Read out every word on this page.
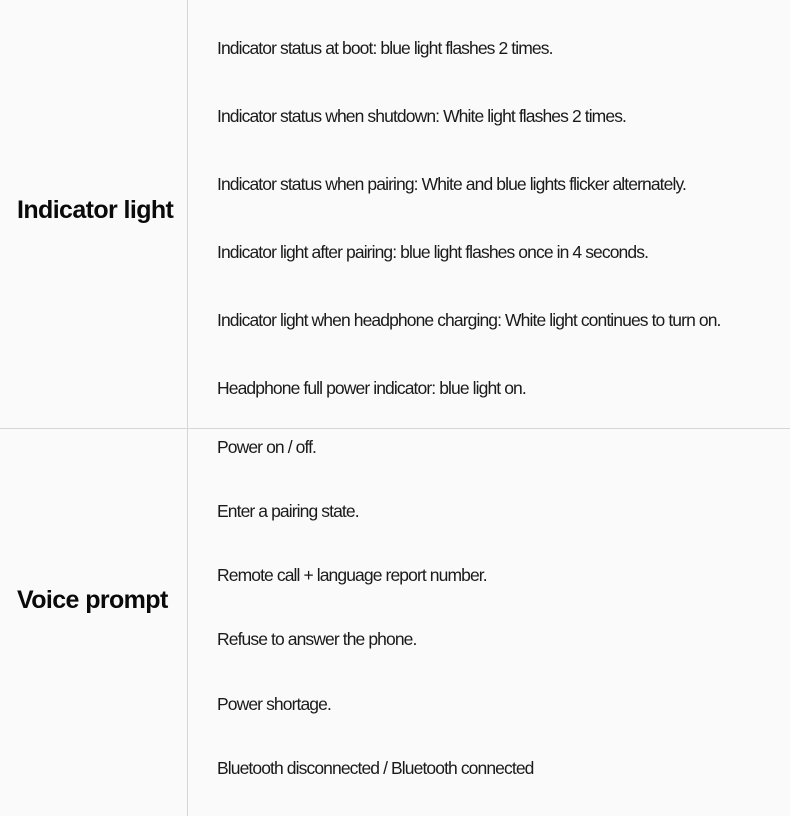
Indicator light
Indicator status at boot: blue light flashes 2 times.
Indicator status when shutdown: White light flashes 2 times.
Indicator status when pairing: White and blue lights flicker alternately.
Indicator light after pairing: blue light flashes once in 4 seconds.
Indicator light when headphone charging: White light continues to turn on.
Headphone full power indicator: blue light on.
Voice prompt
Power on / off.
Enter a pairing state.
Remote call + language report number.
Refuse to answer the phone.
Power shortage.
Bluetooth disconnected / Bluetooth connected
